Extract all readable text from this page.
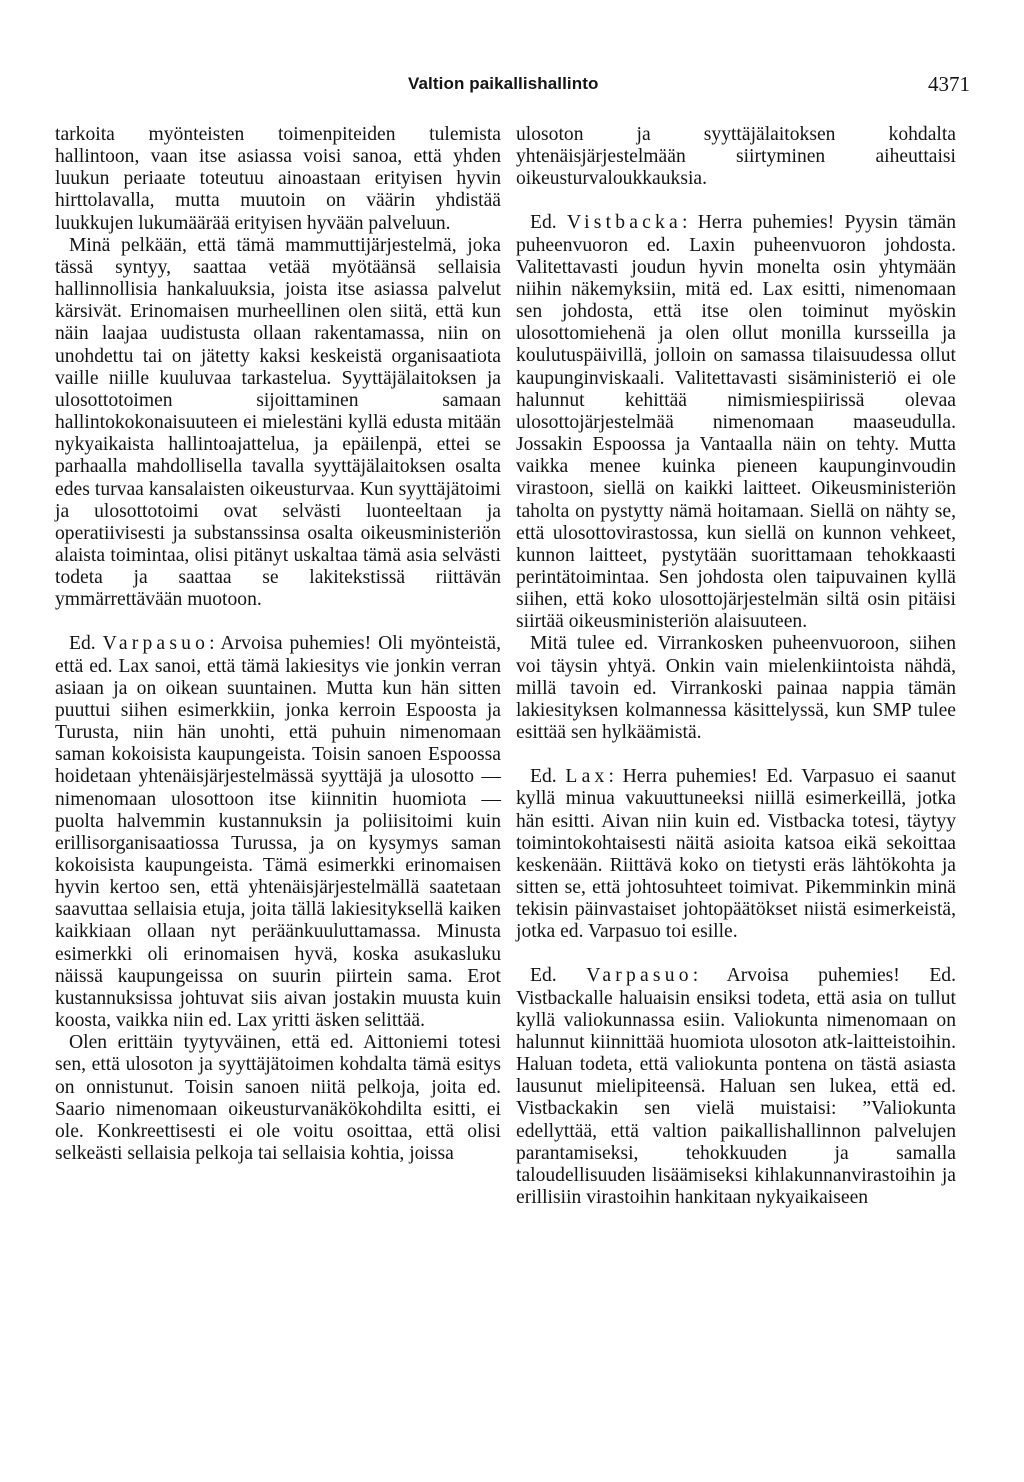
Valtion paikallishallinto	4371

tarkoita myönteisten toimenpiteiden tulemista hallintoon, vaan itse asiassa voisi sanoa, että yhden luukun periaate toteutuu ainoastaan erityisen hyvin hirttolavalla, mutta muutoin on väärin yhdistää luukkujen lukumäärää erityisen hyvään palveluun.

Minä pelkään, että tämä mammuttijärjestelmä, joka tässä syntyy, saattaa vetää myötäänsä sellaisia hallinnollisia hankaluuksia, joista itse asiassa palvelut kärsivät. Erinomaisen murheellinen olen siitä, että kun näin laajaa uudistusta ollaan rakentamassa, niin on unohdettu tai on jätetty kaksi keskeistä organisaatiota vaille niille kuuluvaa tarkastelua. Syyttäjälaitoksen ja ulosottotoimen sijoittaminen samaan hallintokokonaisuuteen ei mielestäni kyllä edusta mitään nykyaikaista hallintoajattelua, ja epäilenpä, ettei se parhaalla mahdollisella tavalla syyttäjälaitoksen osalta edes turvaa kansalaisten oikeusturvaa. Kun syyttäjätoimi ja ulosottotoimi ovat selvästi luonteeltaan ja operatiivisesti ja substanssinsa osalta oikeusministeriön alaista toimintaa, olisi pitänyt uskaltaa tämä asia selvästi todeta ja saattaa se lakitekstissä riittävän ymmärrettävään muotoon.

Ed. Varpasuo: Arvoisa puhemies! Oli myönteistä, että ed. Lax sanoi, että tämä lakiesitys vie jonkin verran asiaan ja on oikean suuntainen. Mutta kun hän sitten puuttui siihen esimerkkiin, jonka kerroin Espoosta ja Turusta, niin hän unohti, että puhuin nimenomaan saman kokoisista kaupungeista. Toisin sanoen Espoossa hoidetaan yhtenäisjärjestelmässä syyttäjä ja ulosotto — nimenomaan ulosottoon itse kiinnitin huomiota — puolta halvemmin kustannuksin ja poliisitoimi kuin erillisorganisaatiossa Turussa, ja on kysymys saman kokoisista kaupungeista. Tämä esimerkki erinomaisen hyvin kertoo sen, että yhtenäisjärjestelmällä saatetaan saavuttaa sellaisia etuja, joita tällä lakiesityksellä kaiken kaikkiaan ollaan nyt peräänkuuluttamassa. Minusta esimerkki oli erinomaisen hyvä, koska asukasluku näissä kaupungeissa on suurin piirtein sama. Erot kustannuksissa johtuvat siis aivan jostakin muusta kuin koosta, vaikka niin ed. Lax yritti äsken selittää.

Olen erittäin tyytyväinen, että ed. Aittoniemi totesi sen, että ulosoton ja syyttäjätoimen kohdalta tämä esitys on onnistunut. Toisin sanoen niitä pelkoja, joita ed. Saario nimenomaan oikeusturvanäkökohdilta esitti, ei ole. Konkreettisesti ei ole voitu osoittaa, että olisi selkeästi sellaisia pelkoja tai sellaisia kohtia, joissa

ulosoton ja syyttäjälaitoksen kohdalta yhtenäisjärjestelmään siirtyminen aiheuttaisi oikeusturvaloukkauksia.

Ed. Vistbacka: Herra puhemies! Pyysin tämän puheenvuoron ed. Laxin puheenvuoron johdosta. Valitettavasti joudun hyvin monelta osin yhtymään niihin näkemyksiin, mitä ed. Lax esitti, nimenomaan sen johdosta, että itse olen toiminut myöskin ulosottomiehenä ja olen ollut monilla kursseilla ja koulutuspäivillä, jolloin on samassa tilaisuudessa ollut kaupunginviskaali. Valitettavasti sisäministeriö ei ole halunnut kehittää nimismiespiirissä olevaa ulosottojärjestelmää nimenomaan maaseudulla. Jossakin Espoossa ja Vantaalla näin on tehty. Mutta vaikka menee kuinka pieneen kaupunginvoudin virastoon, siellä on kaikki laitteet. Oikeusministeriön taholta on pystytty nämä hoitamaan. Siellä on nähty se, että ulosottovirastossa, kun siellä on kunnon vehkeet, kunnon laitteet, pystytään suorittamaan tehokkaasti perintätoimintaa. Sen johdosta olen taipuvainen kyllä siihen, että koko ulosottojärjestelmän siltä osin pitäisi siirtää oikeusministeriön alaisuuteen.

Mitä tulee ed. Virrankosken puheenvuoroon, siihen voi täysin yhtyä. Onkin vain mielenkiintoista nähdä, millä tavoin ed. Virrankoski painaa nappia tämän lakiesityksen kolmannessa käsittelyssä, kun SMP tulee esittää sen hylkäämistä.

Ed. Lax: Herra puhemies! Ed. Varpasuo ei saanut kyllä minua vakuuttuneeksi niillä esimerkeillä, jotka hän esitti. Aivan niin kuin ed. Vistbacka totesi, täytyy toimintokohtaisesti näitä asioita katsoa eikä sekoittaa keskenään. Riittävä koko on tietysti eräs lähtökohta ja sitten se, että johtosuhteet toimivat. Pikemminkin minä tekisin päinvastaiset johtopäätökset niistä esimerkeistä, jotka ed. Varpasuo toi esille.

Ed. Varpasuo: Arvoisa puhemies! Ed. Vistbackalle haluaisin ensiksi todeta, että asia on tullut kyllä valiokunnassa esiin. Valiokunta nimenomaan on halunnut kiinnittää huomiota ulosoton atk-laitteistoihin. Haluan todeta, että valiokunta pontena on tästä asiasta lausunut mielipiteensä. Haluan sen lukea, että ed. Vistbackakin sen vielä muistaisi: ”Valiokunta edellyttää, että valtion paikallishallinnon palvelujen parantamiseksi, tehokkuuden ja samalla taloudellisuuden lisäämiseksi kihlakunnanvirastoihin ja erillisiin virastoihin hankitaan nykyaikaiseen
